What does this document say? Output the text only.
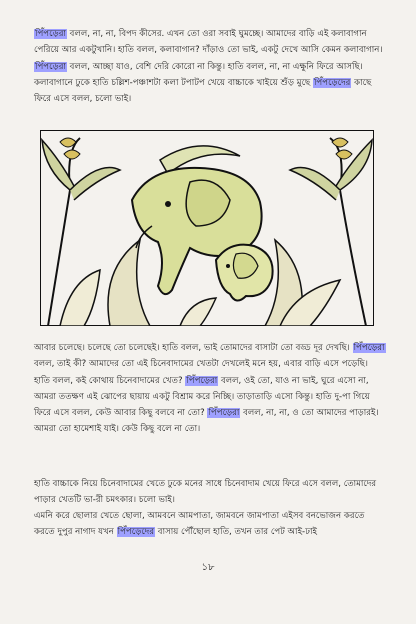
পিঁপড়েরা বলল, না, না, বিপদ কীসের. এখন তো ওরা সবাই ঘুমচ্ছে। আমাদের বাড়ি এই কলাবাগান পেরিয়ে আর একটুখানি। হাতি বলল, কলাবাগান? দাঁড়াও তো ভাই, একটু দেখে আসি কেমন কলাবাগান। পিঁপড়েরা বলল, আচ্ছা যাও, বেশি দেরি কোরো না কিন্তু। হাতি বলল, না, না এক্ষুনি ফিরে আসছি। কলাবাগানে ঢুকে হাতি চল্লিশ-পঞ্চাশটা কলা টপাটপ খেয়ে বাচ্চাকে খাইয়ে শুঁড় মুছে পিঁপড়েদের কাছে ফিরে এসে বলল, চলো ভাই।

আবার চলেছে। চলেছে তো চলেছেই। হাতি বলল, ভাই তোমাদের বাসাটা তো বড্ড দূর দেখছি। পিঁপড়েরা বলল, তাই কী? আমাদের তো এই চিনেবাদামের খেতটা দেখলেই মনে হয়, এবার বাড়ি এসে পড়েছি। হাতি বলল, কই কোথায় চিনেবাদামের খেত? পিঁপড়েরা বলল, ওই তো, যাও না ভাই, ঘুরে এসো না, আমরা ততক্ষণ এই ঝোপের ছায়ায় একটু বিশ্রাম করে নিচ্ছি। তাড়াতাড়ি এসো কিন্তু। হাতি দু-পা গিয়ে ফিরে এসে বলল, কেউ আবার কিছু বলবে না তো? পিঁপড়েরা বলল, না, না, ও তো আমাদের পাড়ারই। আমরা তো হামেশাই যাই। কেউ কিছু বলে না তো।

হাতি বাচ্চাকে নিয়ে চিনেবাদামের খেতে ঢুকে মনের সাধে চিনেবাদাম খেয়ে ফিরে এসে বলল, তোমাদের পাড়ার খেতটি ভা-রী চমৎকার। চলো ভাই।

এমনি করে ছোলার খেতে ছোলা, আমবনে আমপাতা, জামবনে জামপাতা এইসব বনভোজন করতে করতে দুপুর নাগাদ যখন পিঁপড়েদের বাসায় পৌঁছোল হাতি, তখন তার পেট আই-ঢাই

১৮
